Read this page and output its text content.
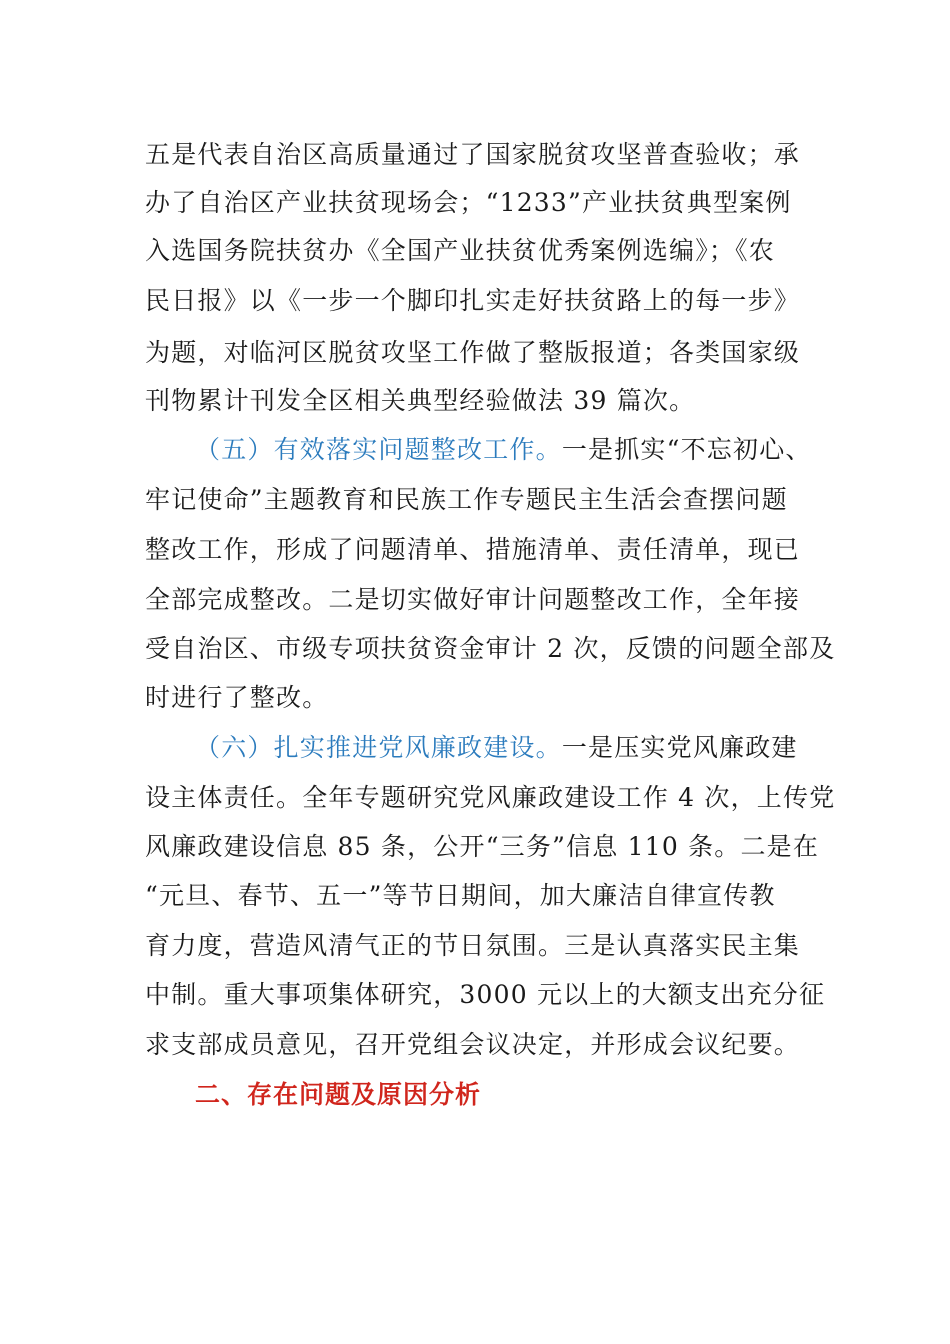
五是代表自治区高质量通过了国家脱贫攻坚普查验收；承
办了自治区产业扶贫现场会；“1233”产业扶贫典型案例
入选国务院扶贫办《全国产业扶贫优秀案例选编》；《农
民日报》以《一步一个脚印扎实走好扶贫路上的每一步》
为题，对临河区脱贫攻坚工作做了整版报道；各类国家级
刊物累计刊发全区相关典型经验做法 39 篇次。
（五）有效落实问题整改工作。一是抓实“不忘初心、
牢记使命”主题教育和民族工作专题民主生活会查摆问题
整改工作，形成了问题清单、措施清单、责任清单，现已
全部完成整改。二是切实做好审计问题整改工作，全年接
受自治区、市级专项扶贫资金审计 2 次，反馈的问题全部及
时进行了整改。
（六）扎实推进党风廉政建设。一是压实党风廉政建
设主体责任。全年专题研究党风廉政建设工作 4 次，上传党
风廉政建设信息 85 条，公开“三务”信息 110 条。二是在
“元旦、春节、五一”等节日期间，加大廉洁自律宣传教
育力度，营造风清气正的节日氛围。三是认真落实民主集
中制。重大事项集体研究，3000 元以上的大额支出充分征
求支部成员意见，召开党组会议决定，并形成会议纪要。
二、存在问题及原因分析
